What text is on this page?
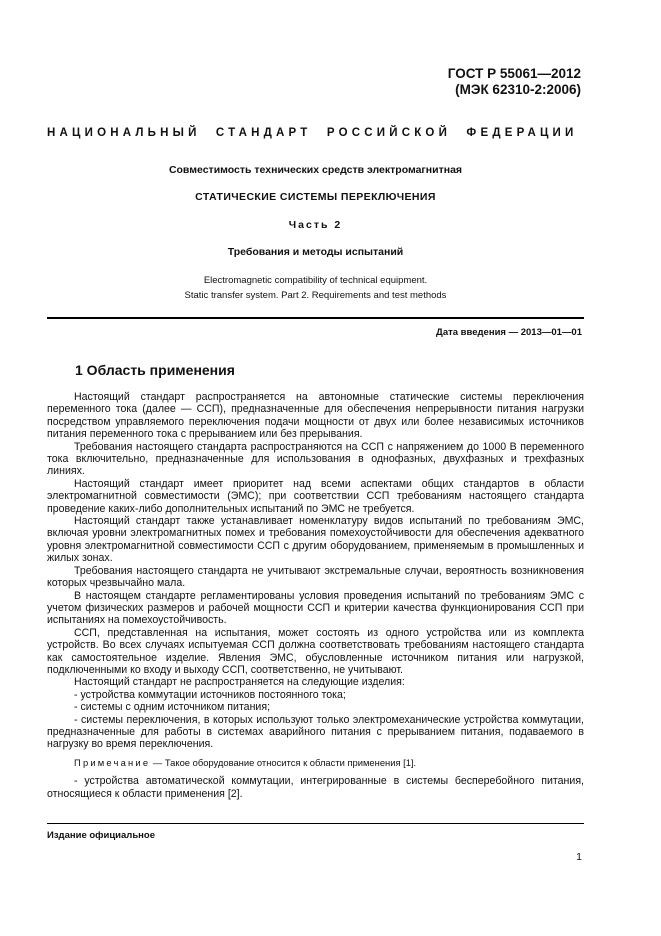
ГОСТ Р 55061—2012
(МЭК 62310-2:2006)
НАЦИОНАЛЬНЫЙ СТАНДАРТ РОССИЙСКОЙ ФЕДЕРАЦИИ
Совместимость технических средств электромагнитная
СТАТИЧЕСКИЕ СИСТЕМЫ ПЕРЕКЛЮЧЕНИЯ
Часть 2
Требования и методы испытаний
Electromagnetic compatibility of technical equipment.
Static transfer system. Part 2. Requirements and test methods
Дата введения — 2013—01—01
1 Область применения

Настоящий стандарт распространяется на автономные статические системы переключения переменного тока (далее — ССП), предназначенные для обеспечения непрерывности питания нагрузки посредством управляемого переключения подачи мощности от двух или более независимых источников питания переменного тока с прерыванием или без прерывания.

Требования настоящего стандарта распространяются на ССП с напряжением до 1000 В переменного тока включительно, предназначенные для использования в однофазных, двухфазных и трехфазных линиях.

Настоящий стандарт имеет приоритет над всеми аспектами общих стандартов в области электромагнитной совместимости (ЭМС); при соответствии ССП требованиям настоящего стандарта проведение каких-либо дополнительных испытаний по ЭМС не требуется.

Настоящий стандарт также устанавливает номенклатуру видов испытаний по требованиям ЭМС, включая уровни электромагнитных помех и требования помехоустойчивости для обеспечения адекватного уровня электромагнитной совместимости ССП с другим оборудованием, применяемым в промышленных и жилых зонах.

Требования настоящего стандарта не учитывают экстремальные случаи, вероятность возникновения которых чрезвычайно мала.

В настоящем стандарте регламентированы условия проведения испытаний по требованиям ЭМС с учетом физических размеров и рабочей мощности ССП и критерии качества функционирования ССП при испытаниях на помехоустойчивость.

ССП, представленная на испытания, может состоять из одного устройства или из комплекта устройств. Во всех случаях испытуемая ССП должна соответствовать требованиям настоящего стандарта как самостоятельное изделие. Явления ЭМС, обусловленные источником питания или нагрузкой, подключенными ко входу и выходу ССП, соответственно, не учитывают.

Настоящий стандарт не распространяется на следующие изделия:

- устройства коммутации источников постоянного тока;

- системы с одним источником питания;

- системы переключения, в которых используют только электромеханические устройства коммутации, предназначенные для работы в системах аварийного питания с прерыванием питания, подаваемого в нагрузку во время переключения.

Примечание — Такое оборудование относится к области применения [1].

- устройства автоматической коммутации, интегрированные в системы бесперебойного питания, относящиеся к области применения [2].

Издание официальное
1
